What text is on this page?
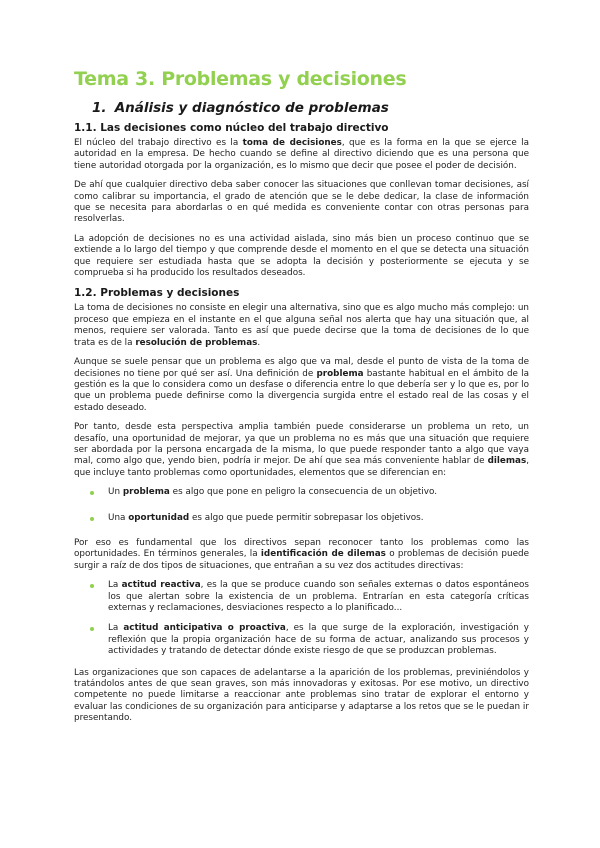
Tema 3. Problemas y decisiones
1. Análisis y diagnóstico de problemas
1.1. Las decisiones como núcleo del trabajo directivo

El núcleo del trabajo directivo es la toma de decisiones, que es la forma en la que se ejerce la autoridad en la empresa. De hecho cuando se define al directivo diciendo que es una persona que tiene autoridad otorgada por la organización, es lo mismo que decir que posee el poder de decisión.

De ahí que cualquier directivo deba saber conocer las situaciones que conllevan tomar decisiones, así como calibrar su importancia, el grado de atención que se le debe dedicar, la clase de información que se necesita para abordarlas o en qué medida es conveniente contar con otras personas para resolverlas.

La adopción de decisiones no es una actividad aislada, sino más bien un proceso continuo que se extiende a lo largo del tiempo y que comprende desde el momento en el que se detecta una situación que requiere ser estudiada hasta que se adopta la decisión y posteriormente se ejecuta y se comprueba si ha producido los resultados deseados.

1.2. Problemas y decisiones

La toma de decisiones no consiste en elegir una alternativa, sino que es algo mucho más complejo: un proceso que empieza en el instante en el que alguna señal nos alerta que hay una situación que, al menos, requiere ser valorada. Tanto es así que puede decirse que la toma de decisiones de lo que trata es de la resolución de problemas.

Aunque se suele pensar que un problema es algo que va mal, desde el punto de vista de la toma de decisiones no tiene por qué ser así. Una definición de problema bastante habitual en el ámbito de la gestión es la que lo considera como un desfase o diferencia entre lo que debería ser y lo que es, por lo que un problema puede definirse como la divergencia surgida entre el estado real de las cosas y el estado deseado.

Por tanto, desde esta perspectiva amplia también puede considerarse un problema un reto, un desafío, una oportunidad de mejorar, ya que un problema no es más que una situación que requiere ser abordada por la persona encargada de la misma, lo que puede responder tanto a algo que vaya mal, como algo que, yendo bien, podría ir mejor. De ahí que sea más conveniente hablar de dilemas, que incluye tanto problemas como oportunidades, elementos que se diferencian en:

Un problema es algo que pone en peligro la consecuencia de un objetivo.
Una oportunidad es algo que puede permitir sobrepasar los objetivos.

Por eso es fundamental que los directivos sepan reconocer tanto los problemas como las oportunidades. En términos generales, la identificación de dilemas o problemas de decisión puede surgir a raíz de dos tipos de situaciones, que entrañan a su vez dos actitudes directivas:

La actitud reactiva, es la que se produce cuando son señales externas o datos espontáneos los que alertan sobre la existencia de un problema. Entrarían en esta categoría críticas externas y reclamaciones, desviaciones respecto a lo planificado...
La actitud anticipativa o proactiva, es la que surge de la exploración, investigación y reflexión que la propia organización hace de su forma de actuar, analizando sus procesos y actividades y tratando de detectar dónde existe riesgo de que se produzcan problemas.

Las organizaciones que son capaces de adelantarse a la aparición de los problemas, previniéndolos y tratándolos antes de que sean graves, son más innovadoras y exitosas. Por ese motivo, un directivo competente no puede limitarse a reaccionar ante problemas sino tratar de explorar el entorno y evaluar las condiciones de su organización para anticiparse y adaptarse a los retos que se le puedan ir presentando.
